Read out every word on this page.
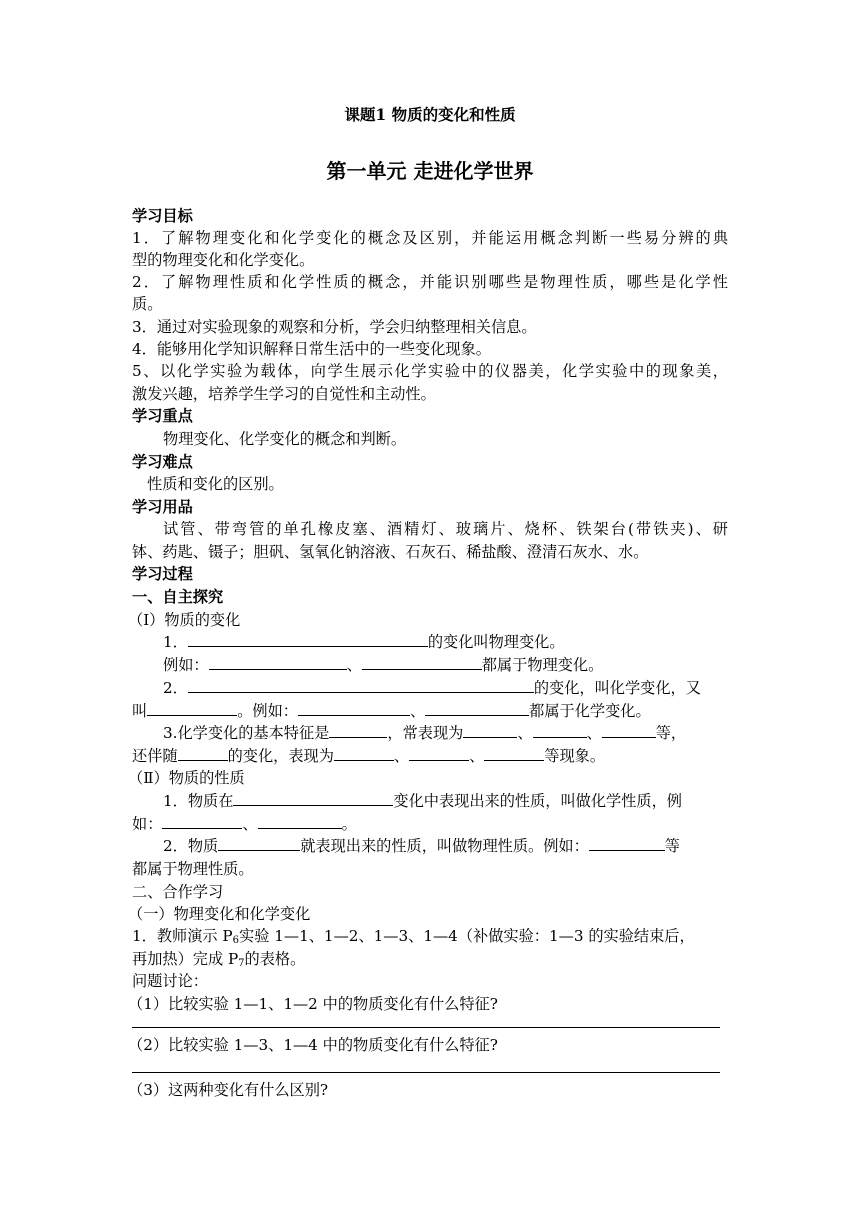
课题1 物质的变化和性质
第一单元 走进化学世界
学习目标
1．了解物理变化和化学变化的概念及区别，并能运用概念判断一些易分辨的典
型的物理变化和化学变化。
2．了解物理性质和化学性质的概念，并能识别哪些是物理性质，哪些是化学性
质。
3．通过对实验现象的观察和分析，学会归纳整理相关信息。
4．能够用化学知识解释日常生活中的一些变化现象。
5、以化学实验为载体，向学生展示化学实验中的仪器美，化学实验中的现象美，
激发兴趣，培养学生学习的自觉性和主动性。
学习重点
物理变化、化学变化的概念和判断。
学习难点
性质和变化的区别。
学习用品
试管、带弯管的单孔橡皮塞、酒精灯、玻璃片、烧杯、铁架台(带铁夹)、研
钵、药匙、镊子；胆矾、氢氧化钠溶液、石灰石、稀盐酸、澄清石灰水、水。
学习过程
一、自主探究
（I）物质的变化
1．	的变化叫物理变化。
例如：	、	都属于物理变化。
2．	的变化，叫化学变化，又
叫	。例如：	、	都属于化学变化。
3.化学变化的基本特征是	，常表现为	、	、	等，
还伴随	的变化，表现为	、	、	等现象。
（Ⅱ）物质的性质
1．物质在	变化中表现出来的性质，叫做化学性质，例
如：	、	。
2．物质	就表现出来的性质，叫做物理性质。例如：	等
都属于物理性质。
二、合作学习
（一）物理变化和化学变化
1．教师演示 $P_6$实验 1—1、1—2、1—3、1—4（补做实验：1—3 的实验结束后，
再加热）完成 $P_7$的表格。
问题讨论：
（1）比较实验 1—1、1—2 中的物质变化有什么特征?
（2）比较实验 1—3、1—4 中的物质变化有什么特征?
（3）这两种变化有什么区别?
